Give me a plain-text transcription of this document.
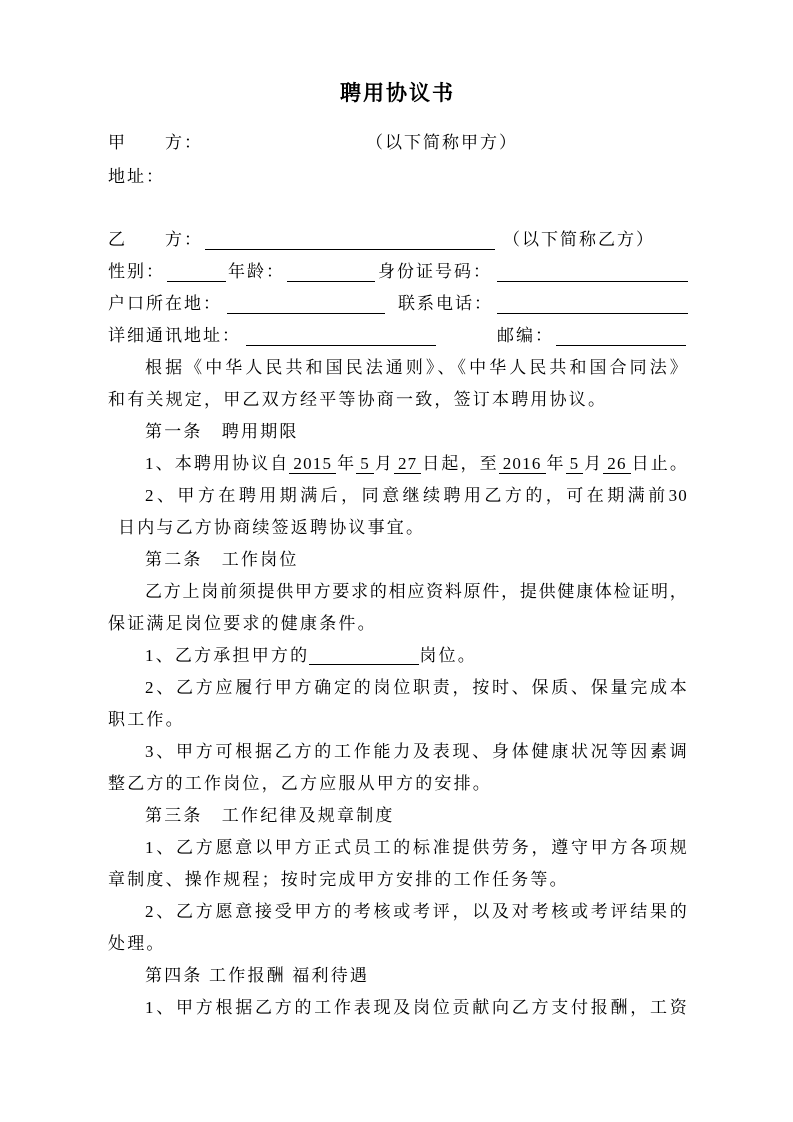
聘用协议书
甲　　方：	（以下简称甲方）
地址：
乙　　方：	（以下简称乙方）
性别：	年龄：	身份证号码：
户口所在地：	联系电话：
详细通讯地址：	邮编：
根据《中华人民共和国民法通则》、《中华人民共和国合同法》
和有关规定，甲乙双方经平等协商一致，签订本聘用协议。
第一条　聘用期限
1、本聘用协议自 2015 年 5 月 27 日起，至 2016 年 5 月 26 日止。
2、甲方在聘用期满后，同意继续聘用乙方的，可在期满前30
日内与乙方协商续签返聘协议事宜。
第二条　工作岗位
乙方上岗前须提供甲方要求的相应资料原件，提供健康体检证明，
保证满足岗位要求的健康条件。
1、乙方承担甲方的	岗位。
2、乙方应履行甲方确定的岗位职责，按时、保质、保量完成本
职工作。
3、甲方可根据乙方的工作能力及表现、身体健康状况等因素调
整乙方的工作岗位，乙方应服从甲方的安排。
第三条　工作纪律及规章制度
1、乙方愿意以甲方正式员工的标准提供劳务，遵守甲方各项规
章制度、操作规程；按时完成甲方安排的工作任务等。
2、乙方愿意接受甲方的考核或考评，以及对考核或考评结果的
处理。
第四条 工作报酬 福利待遇
1、甲方根据乙方的工作表现及岗位贡献向乙方支付报酬，工资
